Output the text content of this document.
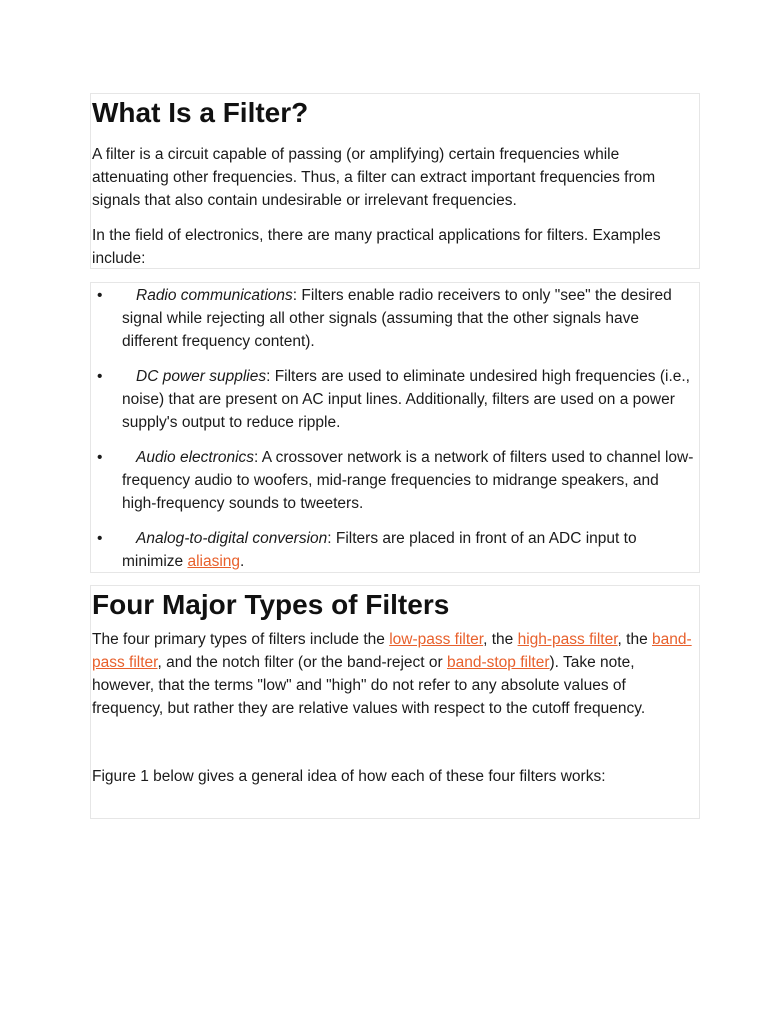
What Is a Filter?

A filter is a circuit capable of passing (or amplifying) certain frequencies while attenuating other frequencies. Thus, a filter can extract important frequencies from signals that also contain undesirable or irrelevant frequencies.

In the field of electronics, there are many practical applications for filters. Examples include:

• Radio communications: Filters enable radio receivers to only "see" the desired signal while rejecting all other signals (assuming that the other signals have different frequency content).
• DC power supplies: Filters are used to eliminate undesired high frequencies (i.e., noise) that are present on AC input lines. Additionally, filters are used on a power supply's output to reduce ripple.
• Audio electronics: A crossover network is a network of filters used to channel low-frequency audio to woofers, mid-range frequencies to midrange speakers, and high-frequency sounds to tweeters.
• Analog-to-digital conversion: Filters are placed in front of an ADC input to minimize aliasing.
Four Major Types of Filters

The four primary types of filters include the low-pass filter, the high-pass filter, the band-pass filter, and the notch filter (or the band-reject or band-stop filter). Take note, however, that the terms "low" and "high" do not refer to any absolute values of frequency, but rather they are relative values with respect to the cutoff frequency.

Figure 1 below gives a general idea of how each of these four filters works:
